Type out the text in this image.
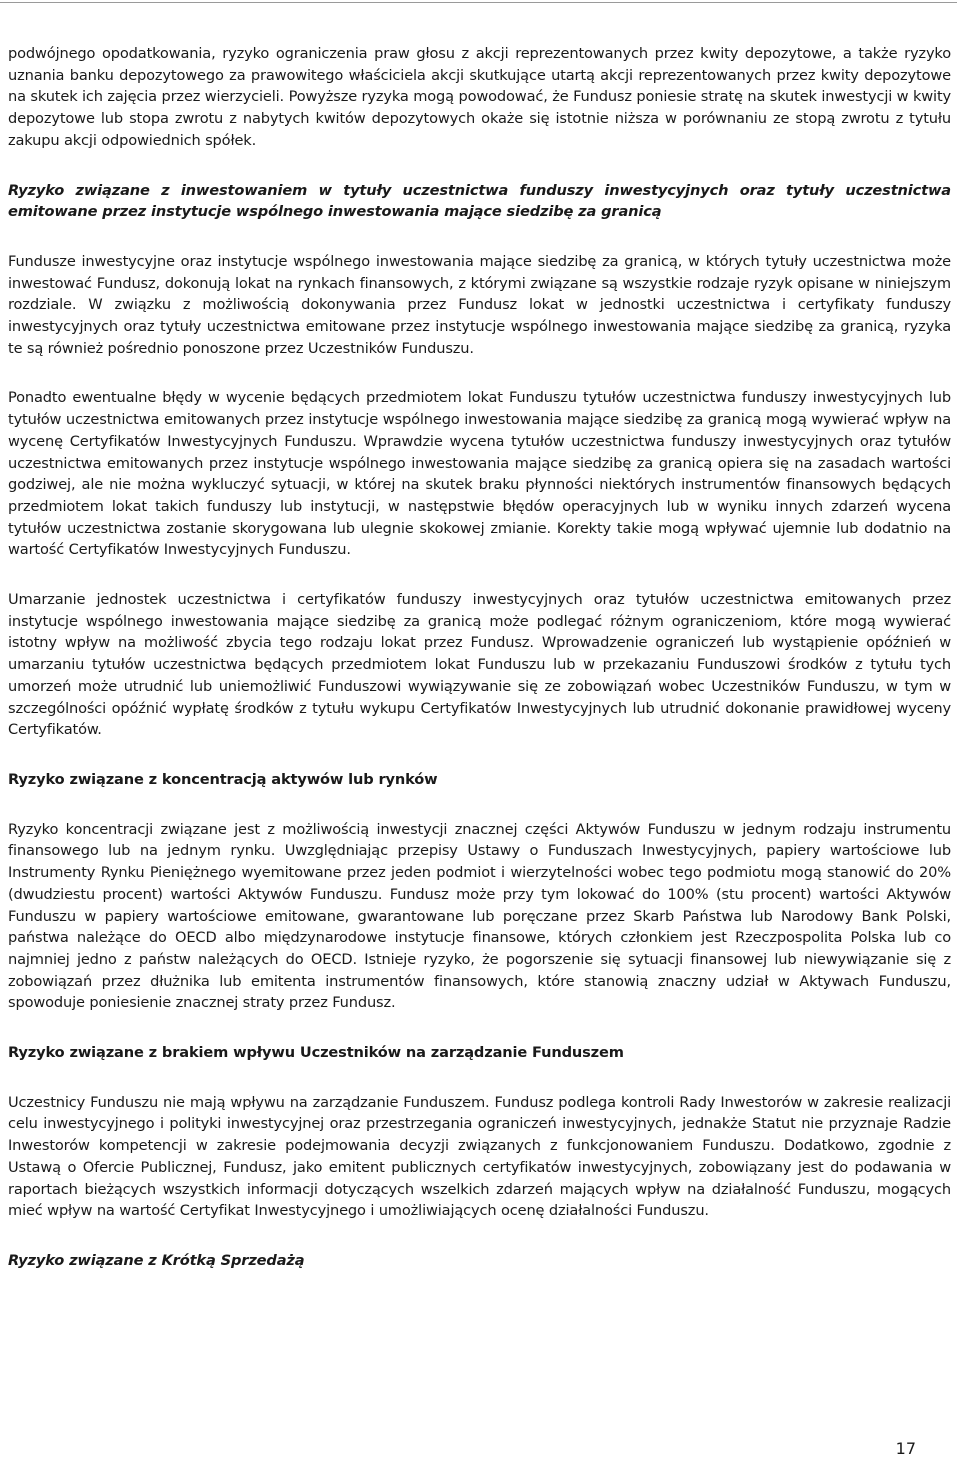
podwójnego opodatkowania, ryzyko ograniczenia praw głosu z akcji reprezentowanych przez kwity depozytowe, a także ryzyko uznania banku depozytowego za prawowitego właściciela akcji skutkujące utartą akcji reprezentowanych przez kwity depozytowe na skutek ich zajęcia przez wierzycieli. Powyższe ryzyka mogą powodować, że Fundusz poniesie stratę na skutek inwestycji w kwity depozytowe lub stopa zwrotu z nabytych kwitów depozytowych okaże się istotnie niższa w porównaniu ze stopą zwrotu z tytułu zakupu akcji odpowiednich spółek.

Ryzyko związane z inwestowaniem w tytuły uczestnictwa funduszy inwestycyjnych oraz tytuły uczestnictwa emitowane przez instytucje wspólnego inwestowania mające siedzibę za granicą

Fundusze inwestycyjne oraz instytucje wspólnego inwestowania mające siedzibę za granicą, w których tytuły uczestnictwa może inwestować Fundusz, dokonują lokat na rynkach finansowych, z którymi związane są wszystkie rodzaje ryzyk opisane w niniejszym rozdziale. W związku z możliwością dokonywania przez Fundusz lokat w jednostki uczestnictwa i certyfikaty funduszy inwestycyjnych oraz tytuły uczestnictwa emitowane przez instytucje wspólnego inwestowania mające siedzibę za granicą, ryzyka te są również pośrednio ponoszone przez Uczestników Funduszu.

Ponadto ewentualne błędy w wycenie będących przedmiotem lokat Funduszu tytułów uczestnictwa funduszy inwestycyjnych lub tytułów uczestnictwa emitowanych przez instytucje wspólnego inwestowania mające siedzibę za granicą mogą wywierać wpływ na wycenę Certyfikatów Inwestycyjnych Funduszu. Wprawdzie wycena tytułów uczestnictwa funduszy inwestycyjnych oraz tytułów uczestnictwa emitowanych przez instytucje wspólnego inwestowania mające siedzibę za granicą opiera się na zasadach wartości godziwej, ale nie można wykluczyć sytuacji, w której na skutek braku płynności niektórych instrumentów finansowych będących przedmiotem lokat takich funduszy lub instytucji, w następstwie błędów operacyjnych lub w wyniku innych zdarzeń wycena tytułów uczestnictwa zostanie skorygowana lub ulegnie skokowej zmianie. Korekty takie mogą wpływać ujemnie lub dodatnio na wartość Certyfikatów Inwestycyjnych Funduszu.

Umarzanie jednostek uczestnictwa i certyfikatów funduszy inwestycyjnych oraz tytułów uczestnictwa emitowanych przez instytucje wspólnego inwestowania mające siedzibę za granicą może podlegać różnym ograniczeniom, które mogą wywierać istotny wpływ na możliwość zbycia tego rodzaju lokat przez Fundusz. Wprowadzenie ograniczeń lub wystąpienie opóźnień w umarzaniu tytułów uczestnictwa będących przedmiotem lokat Funduszu lub w przekazaniu Funduszowi środków z tytułu tych umorzeń może utrudnić lub uniemożliwić Funduszowi wywiązywanie się ze zobowiązań wobec Uczestników Funduszu, w tym w szczególności opóźnić wypłatę środków z tytułu wykupu Certyfikatów Inwestycyjnych lub utrudnić dokonanie prawidłowej wyceny Certyfikatów.

Ryzyko związane z koncentracją aktywów lub rynków

Ryzyko koncentracji związane jest z możliwością inwestycji znacznej części Aktywów Funduszu w jednym rodzaju instrumentu finansowego lub na jednym rynku. Uwzględniając przepisy Ustawy o Funduszach Inwestycyjnych, papiery wartościowe lub Instrumenty Rynku Pieniężnego wyemitowane przez jeden podmiot i wierzytelności wobec tego podmiotu mogą stanowić do 20% (dwudziestu procent) wartości Aktywów Funduszu. Fundusz może przy tym lokować do 100% (stu procent) wartości Aktywów Funduszu w papiery wartościowe emitowane, gwarantowane lub poręczane przez Skarb Państwa lub Narodowy Bank Polski, państwa należące do OECD albo międzynarodowe instytucje finansowe, których członkiem jest Rzeczpospolita Polska lub co najmniej jedno z państw należących do OECD. Istnieje ryzyko, że pogorszenie się sytuacji finansowej lub niewywiązanie się z zobowiązań przez dłużnika lub emitenta instrumentów finansowych, które stanowią znaczny udział w Aktywach Funduszu, spowoduje poniesienie znacznej straty przez Fundusz.

Ryzyko związane z brakiem wpływu Uczestników na zarządzanie Funduszem

Uczestnicy Funduszu nie mają wpływu na zarządzanie Funduszem. Fundusz podlega kontroli Rady Inwestorów w zakresie realizacji celu inwestycyjnego i polityki inwestycyjnej oraz przestrzegania ograniczeń inwestycyjnych, jednakże Statut nie przyznaje Radzie Inwestorów kompetencji w zakresie podejmowania decyzji związanych z funkcjonowaniem Funduszu. Dodatkowo, zgodnie z Ustawą o Ofercie Publicznej, Fundusz, jako emitent publicznych certyfikatów inwestycyjnych, zobowiązany jest do podawania w raportach bieżących wszystkich informacji dotyczących wszelkich zdarzeń mających wpływ na działalność Funduszu, mogących mieć wpływ na wartość Certyfikat Inwestycyjnego i umożliwiających ocenę działalności Funduszu.

Ryzyko związane z Krótką Sprzedażą
17
